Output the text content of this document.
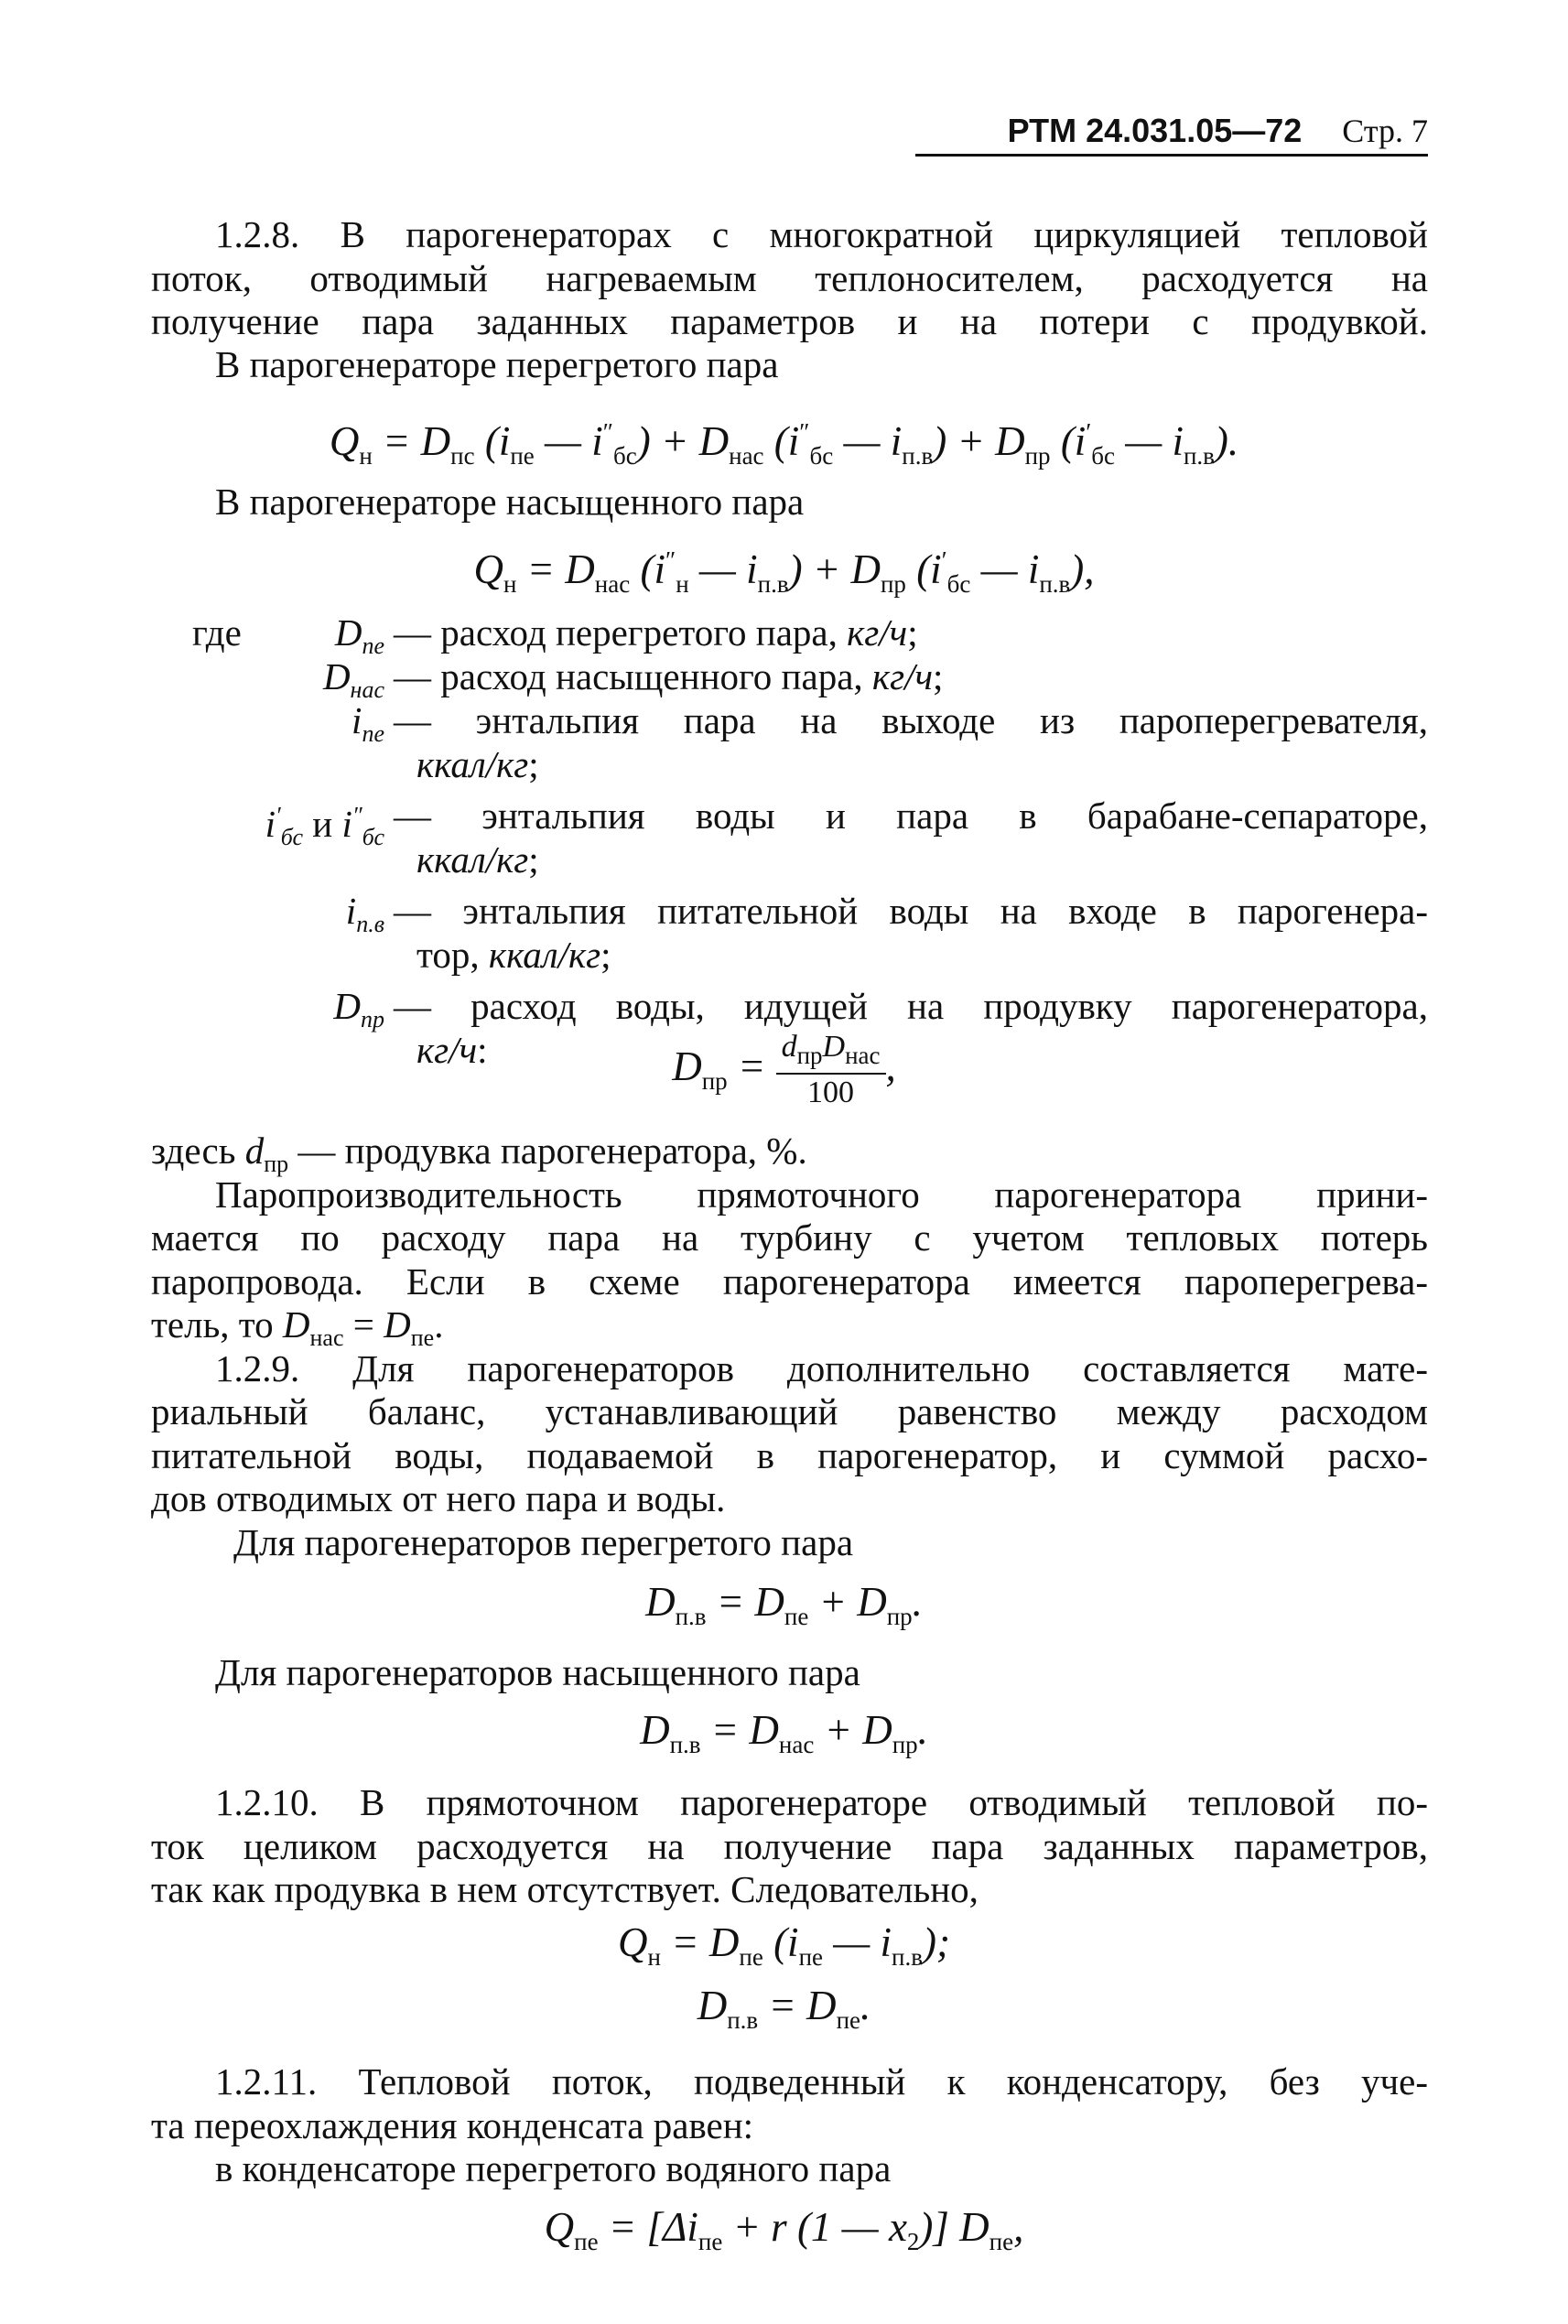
РТМ 24.031.05—72 Стр. 7
1.2.8. В парогенераторах с многократной циркуляцией тепловой
поток, отводимый нагреваемым теплоносителем, расходуется на
получение пара заданных параметров и на потери с продувкой.
В парогенераторе перегретого пара
$Q_н = D_{пс}$ ($i_{пе}$ — $i''_{бс}) + D_{нас}$ ($i''_{бс}$ — $i_{п.в}) + D_{пр}$ ($i'_{бс}$ — $i_{п.в}$).
В парогенераторе насыщенного пара
$Q_н = D_{нас}$ ($i''_н$ — $i_{п.в}) + D_{пр}$ ($i'_{бс}$ — $i_{п.в}$),
где	$D_{пе}$ — расход перегретого пара, кг/ч;
$D_{нас}$ — расход насыщенного пара, кг/ч;
$i_{пе}$ — энтальпия пара на выходе из пароперегревателя,
ккал/кг;
$i'_{бс}$ и $i''_{бс}$
— энтальпия воды и пара в барабане-сепараторе,
ккал/кг;
$i_{п.в}$ — энтальпия питательной воды на входе в парогенера-
тор, ккал/кг;
$D_{пр}$ — расход воды, идущей на продувку парогенератора,
кг/ч:	$D_{пр} = \frac{d_{пр}D_{нас}}{100}$ ,
здесь $d_{пр}$ — продувка парогенератора, %.
Паропроизводительность прямоточного парогенератора прини-
мается по расходу пара на турбину с учетом тепловых потерь
паропровода. Если в схеме парогенератора имеется пароперегрева-
тель, то $D_{нас} = D_{пе}$.
1.2.9. Для парогенераторов дополнительно составляется мате-
риальный баланс, устанавливающий равенство между расходом
питательной воды, подаваемой в парогенератор, и суммой расхо-
дов отводимых от него пара и воды.
Для парогенераторов перегретого пара
$D_{п.в} = D_{пе} + D_{пр}$.
Для парогенераторов насыщенного пара
$D_{п.в} = D_{нас} + D_{пр}$.
1.2.10. В прямоточном парогенераторе отводимый тепловой по-
ток целиком расходуется на получение пара заданных параметров,
так как продувка в нем отсутствует. Следовательно,
$Q_н = D_{пе}$ ($i_{пе}$ — $i_{п.в}$);
$D_{п.в} = D_{пе}$.
1.2.11. Тепловой поток, подведенный к конденсатору, без уче-
та переохлаждения конденсата равен:
в конденсаторе перегретого водяного пара
$Q_{пе} = [\Delta i_{пе} + r$ (1 — $x_2$)] $D_{пе}$,
